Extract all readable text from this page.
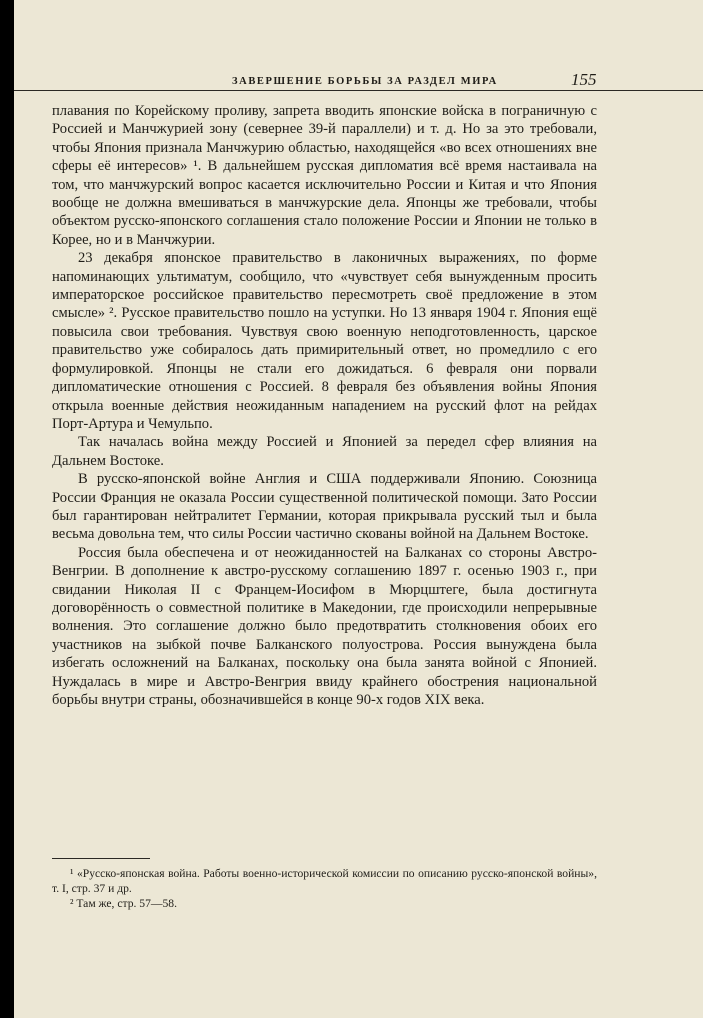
ЗАВЕРШЕНИЕ БОРЬБЫ ЗА РАЗДЕЛ МИРА	155

плавания по Корейскому проливу, запрета вводить японские войска в пограничную с Россией и Манчжурией зону (севернее 39-й параллели) и т. д. Но за это требовали, чтобы Япония признала Манчжурию областью, находящейся «во всех отношениях вне сферы её интересов» ¹. В дальнейшем русская дипломатия всё время настаивала на том, что манчжурский вопрос касается исключительно России и Китая и что Япония вообще не должна вмешиваться в манчжурские дела. Японцы же требовали, чтобы объектом русско-японского соглашения стало положение России и Японии не только в Корее, но и в Манчжурии.

23 декабря японское правительство в лаконичных выражениях, по форме напоминающих ультиматум, сообщило, что «чувствует себя вынужденным просить императорское российское правительство пересмотреть своё предложение в этом смысле» ². Русское правительство пошло на уступки. Но 13 января 1904 г. Япония ещё повысила свои требования. Чувствуя свою военную неподготовленность, царское правительство уже собиралось дать примирительный ответ, но промедлило с его формулировкой. Японцы не стали его дожидаться. 6 февраля они порвали дипломатические отношения с Россией. 8 февраля без объявления войны Япония открыла военные действия неожиданным нападением на русский флот на рейдах Порт-Артура и Чемульпо.

Так началась война между Россией и Японией за передел сфер влияния на Дальнем Востоке.

В русско-японской войне Англия и США поддерживали Японию. Союзница России Франция не оказала России существенной политической помощи. Зато России был гарантирован нейтралитет Германии, которая прикрывала русский тыл и была весьма довольна тем, что силы России частично скованы войной на Дальнем Востоке.

Россия была обеспечена и от неожиданностей на Балканах со стороны Австро-Венгрии. В дополнение к австро-русскому соглашению 1897 г. осенью 1903 г., при свидании Николая II с Францем-Иосифом в Мюрцштеге, была достигнута договорённость о совместной политике в Македонии, где происходили непрерывные волнения. Это соглашение должно было предотвратить столкновения обоих его участников на зыбкой почве Балканского полуострова. Россия вынуждена была избегать осложнений на Балканах, поскольку она была занята войной с Японией. Нуждалась в мире и Австро-Венгрия ввиду крайнего обострения национальной борьбы внутри страны, обозначившейся в конце 90-х годов XIX века.

¹ «Русско-японская война. Работы военно-исторической комиссии по описанию русско-японской войны», т. I, стр. 37 и др.

² Там же, стр. 57—58.
